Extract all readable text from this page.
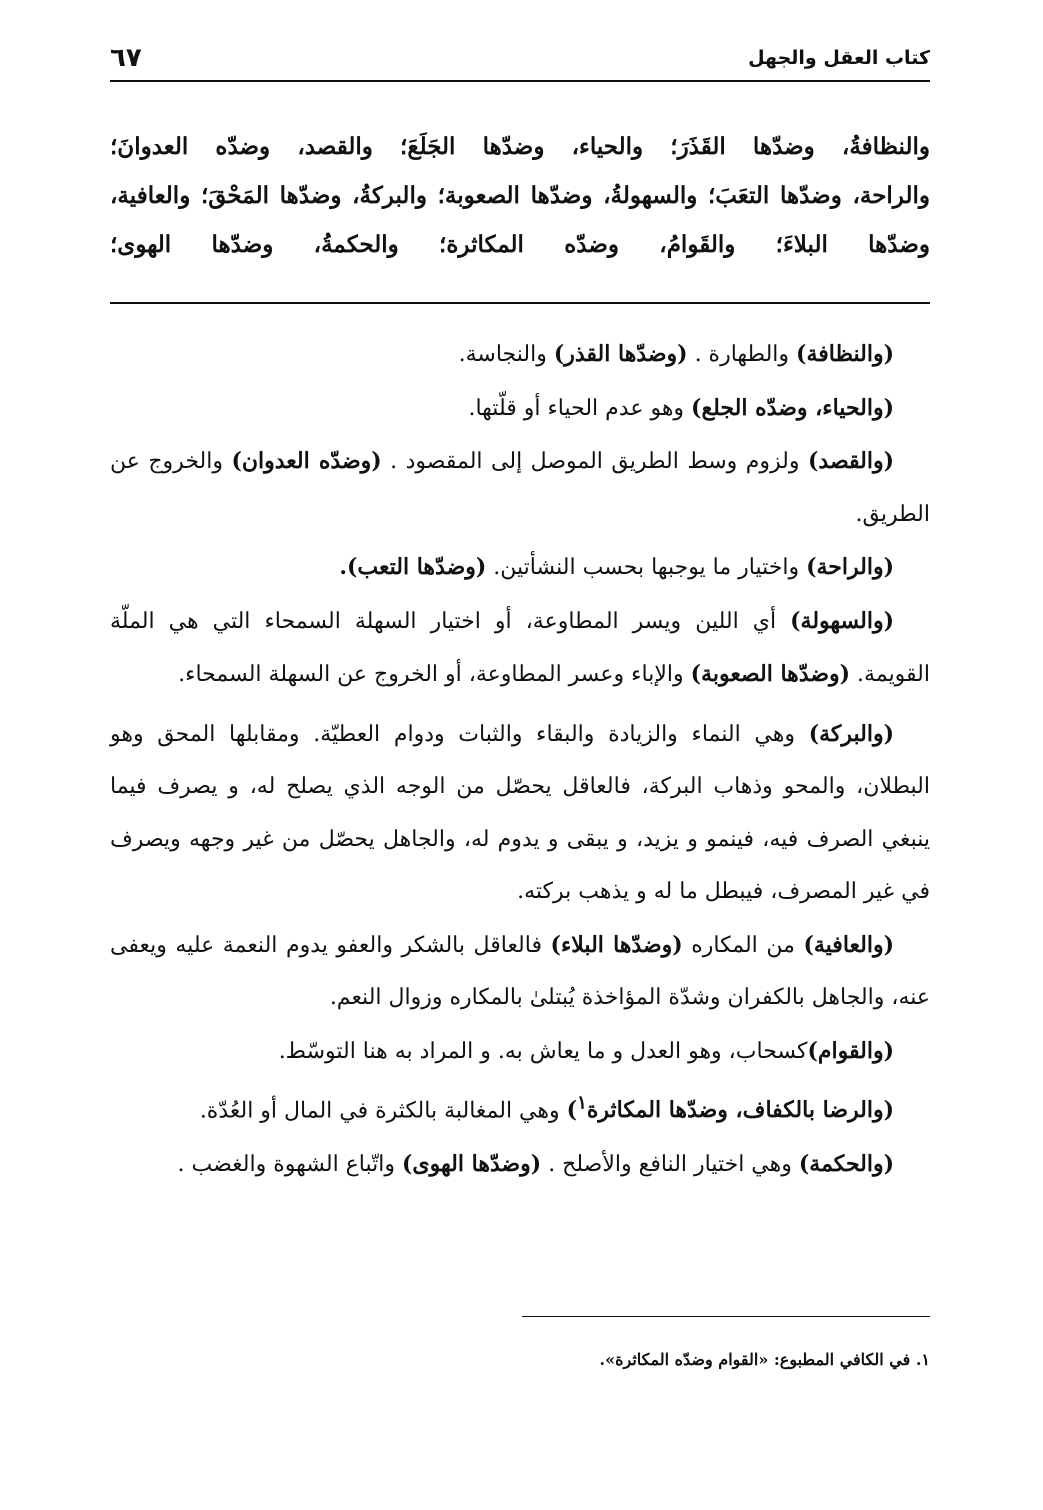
كتاب العقل والجهل
٦٧
والنظافةُ، وضدّها القَذَرَ؛ والحياء، وضدّها الجَلَعَ؛ والقصد، وضدّه العدوانَ؛
والراحة، وضدّها التعَبَ؛ والسهولةُ، وضدّها الصعوبة؛ والبركةُ، وضدّها المَحْقَ؛ والعافية،
وضدّها البلاءَ؛ والقَوامُ، وضدّه المكاثرة؛ والحكمةُ، وضدّها الهوى؛

(والنظافة) والطهارة . (وضدّها القذر) والنجاسة.

(والحياء، وضدّه الجلع) وهو عدم الحياء أو قلّتها.

(والقصد) ولزوم وسط الطريق الموصل إلى المقصود . (وضدّه العدوان) والخروج عن الطريق.

(والراحة) واختيار ما يوجبها بحسب النشأتين. (وضدّها التعب).

(والسهولة) أي اللين ويسر المطاوعة، أو اختيار السهلة السمحاء التي هي الملّة القويمة. (وضدّها الصعوبة) والإباء وعسر المطاوعة، أو الخروج عن السهلة السمحاء.

(والبركة) وهي النماء والزيادة والبقاء والثبات ودوام العطيّة. ومقابلها المحق وهو البطلان، والمحو وذهاب البركة، فالعاقل يحصّل من الوجه الذي يصلح له، و يصرف فيما ينبغي الصرف فيه، فينمو و يزيد، و يبقى و يدوم له، والجاهل يحصّل من غير وجهه ويصرف في غير المصرف، فيبطل ما له و يذهب بركته.

(والعافية) من المكاره (وضدّها البلاء) فالعاقل بالشكر والعفو يدوم النعمة عليه ويعفى عنه، والجاهل بالكفران وشدّة المؤاخذة يُبتلىٰ بالمكاره وزوال النعم.

(والقوام)كسحاب، وهو العدل و ما يعاش به. و المراد به هنا التوسّط.

(والرضا بالكفاف، وضدّها المكاثرة$^١$) وهي المغالبة بالكثرة في المال أو العُدّة.

(والحكمة) وهي اختيار النافع والأصلح . (وضدّها الهوى) واتّباع الشهوة والغضب .

١. في الكافي المطبوع: «القوام وضدّه المكاثرة».
